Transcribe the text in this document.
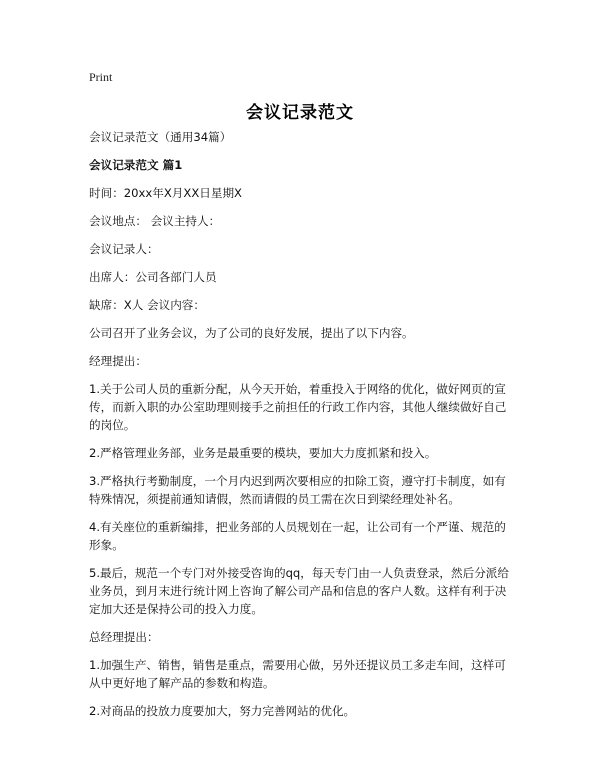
Print
会议记录范文

会议记录范文（通用34篇）

会议记录范文 篇1

时间：20xx年X月XX日星期X

会议地点： 会议主持人：

会议记录人：

出席人：公司各部门人员

缺席：X人 会议内容：

公司召开了业务会议，为了公司的良好发展，提出了以下内容。

经理提出：

1.关于公司人员的重新分配，从今天开始，着重投入于网络的优化，做好网页的宣传，而新入职的办公室助理则接手之前担任的行政工作内容，其他人继续做好自己的岗位。

2.严格管理业务部，业务是最重要的模块，要加大力度抓紧和投入。

3.严格执行考勤制度，一个月内迟到两次要相应的扣除工资，遵守打卡制度，如有特殊情况，须提前通知请假，然而请假的员工需在次日到梁经理处补名。

4.有关座位的重新编排，把业务部的人员规划在一起，让公司有一个严谨、规范的形象。

5.最后，规范一个专门对外接受咨询的qq，每天专门由一人负责登录，然后分派给业务员，到月末进行统计网上咨询了解公司产品和信息的客户人数。这样有利于决定加大还是保持公司的投入力度。

总经理提出：

1.加强生产、销售，销售是重点，需要用心做，另外还提议员工多走车间，这样可从中更好地了解产品的参数和构造。

2.对商品的投放力度要加大，努力完善网站的优化。
